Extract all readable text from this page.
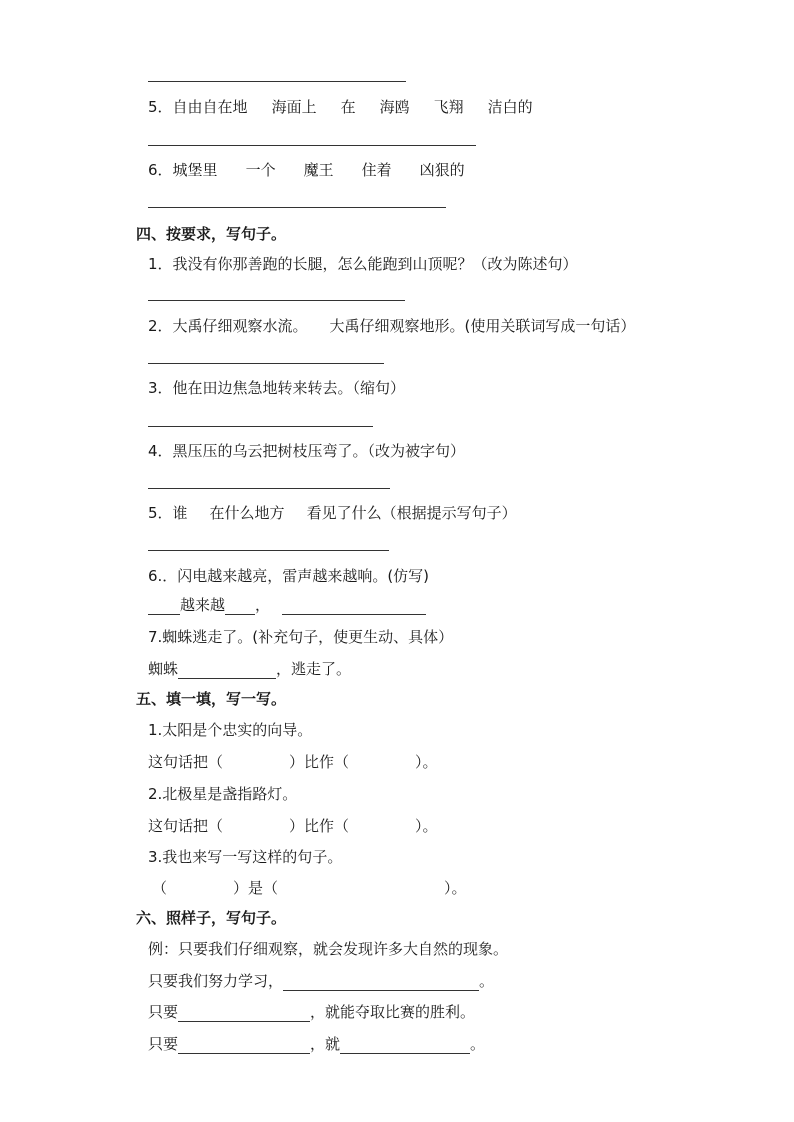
5．自由自在地 海面上 在 海鸥 飞翔 洁白的
6．城堡里 一个 魔王 住着 凶狠的
四、按要求，写句子。
1．我没有你那善跑的长腿，怎么能跑到山顶呢？（改为陈述句）
2．大禹仔细观察水流。 大禹仔细观察地形。(使用关联词写成一句话）
3．他在田边焦急地转来转去。（缩句）
4．黑压压的乌云把树枝压弯了。（改为被字句）
5．谁 在什么地方 看见了什么（根据提示写句子）
6.．闪电越来越亮，雷声越来越响。(仿写)
越来越 ，
7.蜘蛛逃走了。(补充句子，使更生动、具体）
蜘蛛	，逃走了。
五、填一填，写一写。
1.太阳是个忠实的向导。
这句话把（	）比作（	）。
2.北极星是盏指路灯。
这句话把（	）比作（	）。
3.我也来写一写这样的句子。
（	）是（	）。
六、照样子，写句子。
例：只要我们仔细观察，就会发现许多大自然的现象。
只要我们努力学习，	。
只要	，就能夺取比赛的胜利。
只要	，就	。
